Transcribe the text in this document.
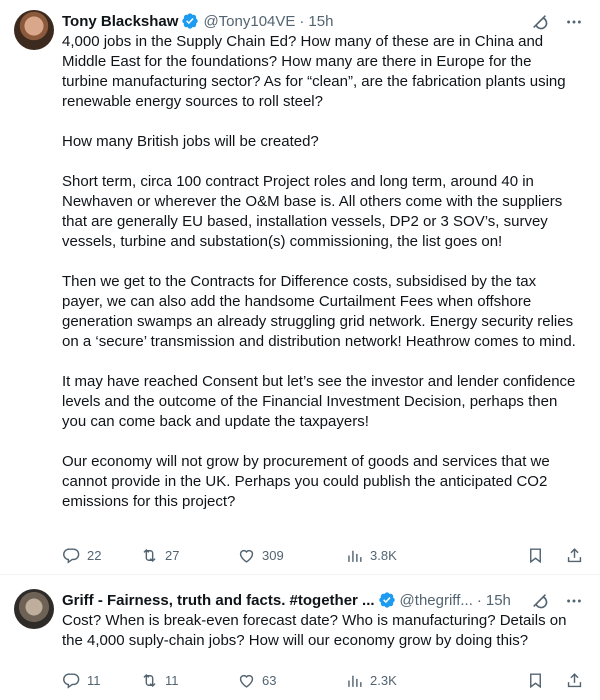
Tony Blackshaw @Tony104VE · 15h

4,000 jobs in the Supply Chain Ed? How many of these are in China and Middle East for the foundations? How many are there in Europe for the turbine manufacturing sector? As for “clean”, are the fabrication plants using renewable energy sources to roll steel?

How many British jobs will be created?

Short term, circa 100 contract Project roles and long term, around 40 in Newhaven or wherever the O&M base is. All others come with the suppliers that are generally EU based, installation vessels, DP2 or 3 SOV’s, survey vessels, turbine and substation(s) commissioning, the list goes on!

Then we get to the Contracts for Difference costs, subsidised by the tax payer, we can also add the handsome Curtailment Fees when offshore generation swamps an already struggling grid network. Energy security relies on a ‘secure’ transmission and distribution network! Heathrow comes to mind.

It may have reached Consent but let’s see the investor and lender confidence levels and the outcome of the Financial Investment Decision, perhaps then you can come back and update the taxpayers!

Our economy will not grow by procurement of goods and services that we cannot provide in the UK. Perhaps you could publish the anticipated CO2 emissions for this project?

22	27	309	3.8K
Griff - Fairness, truth and facts. #together ... @thegriff... · 15h

Cost? When is break-even forecast date? Who is manufacturing? Details on the 4,000 suply-chain jobs? How will our economy grow by doing this?

11	11	63	2.3K
